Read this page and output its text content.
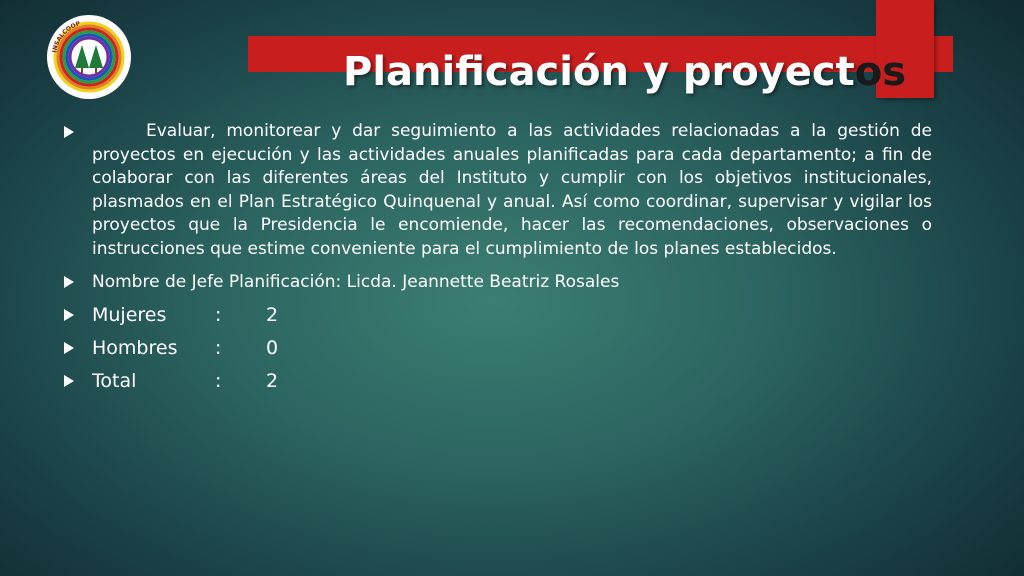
Planificación y proyectos
INSALCOOP

Evaluar, monitorear y dar seguimiento a las actividades relacionadas a la gestión de proyectos en ejecución y las actividades anuales planificadas para cada departamento; a fin de colaborar con las diferentes áreas del Instituto y cumplir con los objetivos institucionales, plasmados en el Plan Estratégico Quinquenal y anual. Así como coordinar, supervisar y vigilar los proyectos que la Presidencia le encomiende, hacer las recomendaciones, observaciones o instrucciones que estime conveniente para el cumplimiento de los planes establecidos.

Nombre de Jefe Planificación: Licda. Jeannette Beatriz Rosales
Mujeres	: 2
Hombres : 0
Total	: 2
